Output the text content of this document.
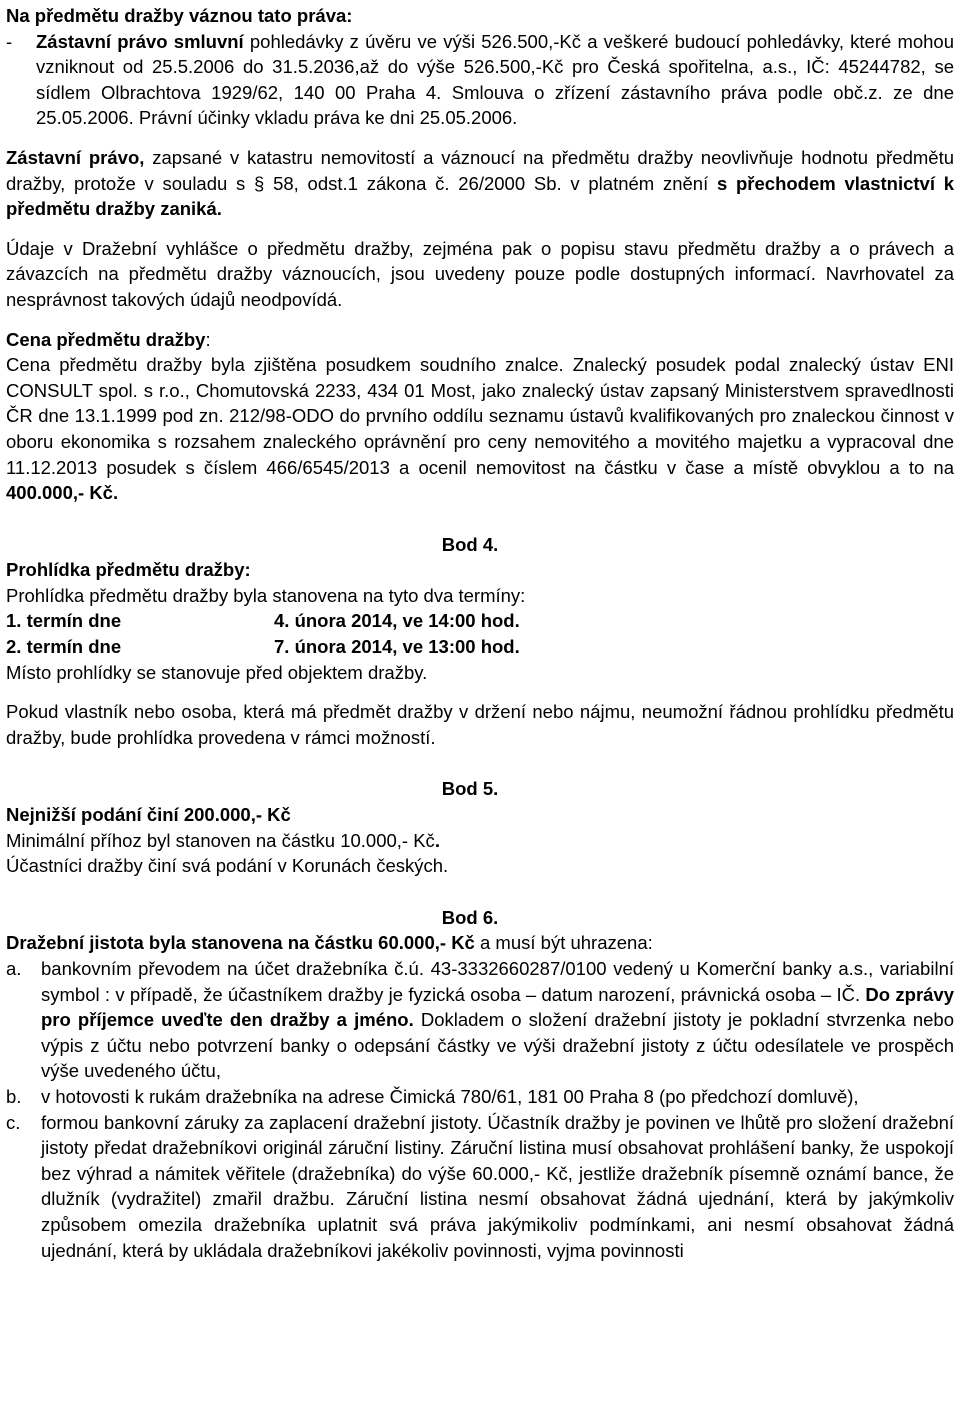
Na předmětu dražby váznou tato práva:

-	Zástavní právo smluvní pohledávky z úvěru ve výši 526.500,-Kč a veškeré budoucí pohledávky, které mohou vzniknout od 25.5.2006 do 31.5.2036,až do výše 526.500,-Kč pro Česká spořitelna, a.s., IČ: 45244782, se sídlem Olbrachtova 1929/62, 140 00 Praha 4. Smlouva o zřízení zástavního práva podle obč.z. ze dne 25.05.2006. Právní účinky vkladu práva ke dni 25.05.2006.

Zástavní právo, zapsané v katastru nemovitostí a váznoucí na předmětu dražby neovlivňuje hodnotu předmětu dražby, protože v souladu s § 58, odst.1 zákona č. 26/2000 Sb. v platném znění s přechodem vlastnictví k předmětu dražby zaniká.

Údaje v Dražební vyhlášce o předmětu dražby, zejména pak o popisu stavu předmětu dražby a o právech a závazcích na předmětu dražby váznoucích, jsou uvedeny pouze podle dostupných informací. Navrhovatel za nesprávnost takových údajů neodpovídá.

Cena předmětu dražby:

Cena předmětu dražby byla zjištěna posudkem soudního znalce. Znalecký posudek podal znalecký ústav ENI CONSULT spol. s r.o., Chomutovská 2233, 434 01 Most, jako znalecký ústav zapsaný Ministerstvem spravedlnosti ČR dne 13.1.1999 pod zn. 212/98-ODO do prvního oddílu seznamu ústavů kvalifikovaných pro znaleckou činnost v oboru ekonomika s rozsahem znaleckého oprávnění pro ceny nemovitého a movitého majetku a vypracoval dne 11.12.2013 posudek s číslem 466/6545/2013 a ocenil nemovitost na částku v čase a místě obvyklou a to na 400.000,- Kč.

Bod 4.

Prohlídka předmětu dražby:

Prohlídka předmětu dražby byla stanovena na tyto dva termíny:

1. termín dne	4. února 2014, ve 14:00 hod.
2. termín dne	7. února 2014, ve 13:00 hod.

Místo prohlídky se stanovuje před objektem dražby.

Pokud vlastník nebo osoba, která má předmět dražby v držení nebo nájmu, neumožní řádnou prohlídku předmětu dražby, bude prohlídka provedena v rámci možností.

Bod 5.

Nejnižší podání činí 200.000,- Kč

Minimální příhoz byl stanoven na částku 10.000,- Kč.

Účastníci dražby činí svá podání v Korunách českých.

Bod 6.

Dražební jistota byla stanovena na částku 60.000,- Kč a musí být uhrazena:

a.	bankovním převodem na účet dražebníka č.ú. 43-3332660287/0100 vedený u Komerční banky a.s., variabilní symbol : v případě, že účastníkem dražby je fyzická osoba – datum narození, právnická osoba – IČ. Do zprávy pro příjemce uveďte den dražby a jméno. Dokladem o složení dražební jistoty je pokladní stvrzenka nebo výpis z účtu nebo potvrzení banky o odepsání částky ve výši dražební jistoty z účtu odesílatele ve prospěch výše uvedeného účtu,
b.	v hotovosti k rukám dražebníka na adrese Čimická 780/61, 181 00 Praha 8 (po předchozí domluvě),
c.	formou bankovní záruky za zaplacení dražební jistoty. Účastník dražby je povinen ve lhůtě pro složení dražební jistoty předat dražebníkovi originál záruční listiny. Záruční listina musí obsahovat prohlášení banky, že uspokojí bez výhrad a námitek věřitele (dražebníka) do výše 60.000,- Kč, jestliže dražebník písemně oznámí bance, že dlužník (vydražitel) zmařil dražbu. Záruční listina nesmí obsahovat žádná ujednání, která by jakýmkoliv způsobem omezila dražebníka uplatnit svá práva jakýmikoliv podmínkami, ani nesmí obsahovat žádná ujednání, která by ukládala dražebníkovi jakékoliv povinnosti, vyjma povinnosti
